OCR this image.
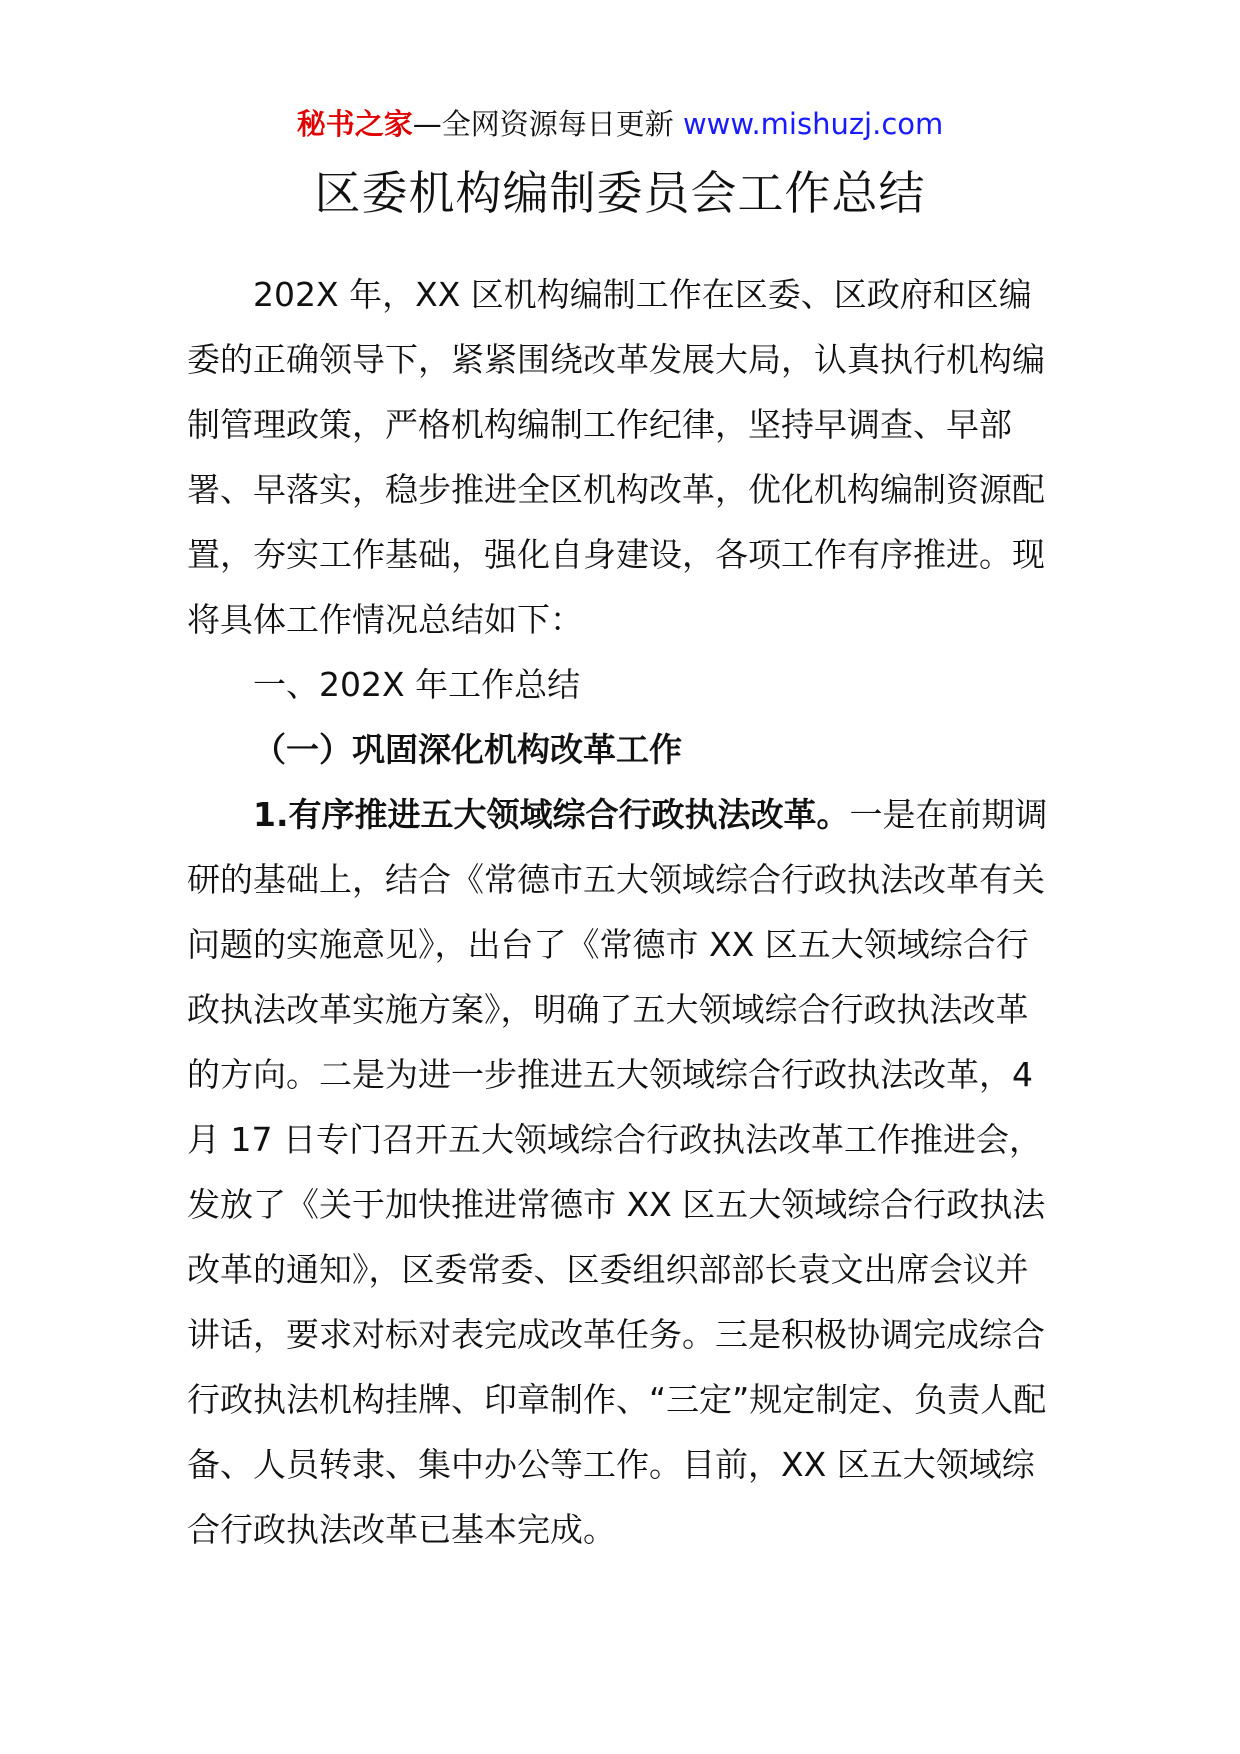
秘书之家—全网资源每日更新 www.mishuzj.com
区委机构编制委员会工作总结

202X 年，XX 区机构编制工作在区委、区政府和区编委的正确领导下，紧紧围绕改革发展大局，认真执行机构编制管理政策，严格机构编制工作纪律，坚持早调查、早部署、早落实，稳步推进全区机构改革，优化机构编制资源配置，夯实工作基础，强化自身建设，各项工作有序推进。现将具体工作情况总结如下：

一、202X 年工作总结

（一）巩固深化机构改革工作

1.有序推进五大领域综合行政执法改革。一是在前期调研的基础上，结合《常德市五大领域综合行政执法改革有关问题的实施意见》，出台了《常德市 XX 区五大领域综合行政执法改革实施方案》，明确了五大领域综合行政执法改革的方向。二是为进一步推进五大领域综合行政执法改革，4 月 17 日专门召开五大领域综合行政执法改革工作推进会，发放了《关于加快推进常德市 XX 区五大领域综合行政执法改革的通知》，区委常委、区委组织部部长袁文出席会议并讲话，要求对标对表完成改革任务。三是积极协调完成综合行政执法机构挂牌、印章制作、“三定”规定制定、负责人配备、人员转隶、集中办公等工作。目前，XX 区五大领域综合行政执法改革已基本完成。
